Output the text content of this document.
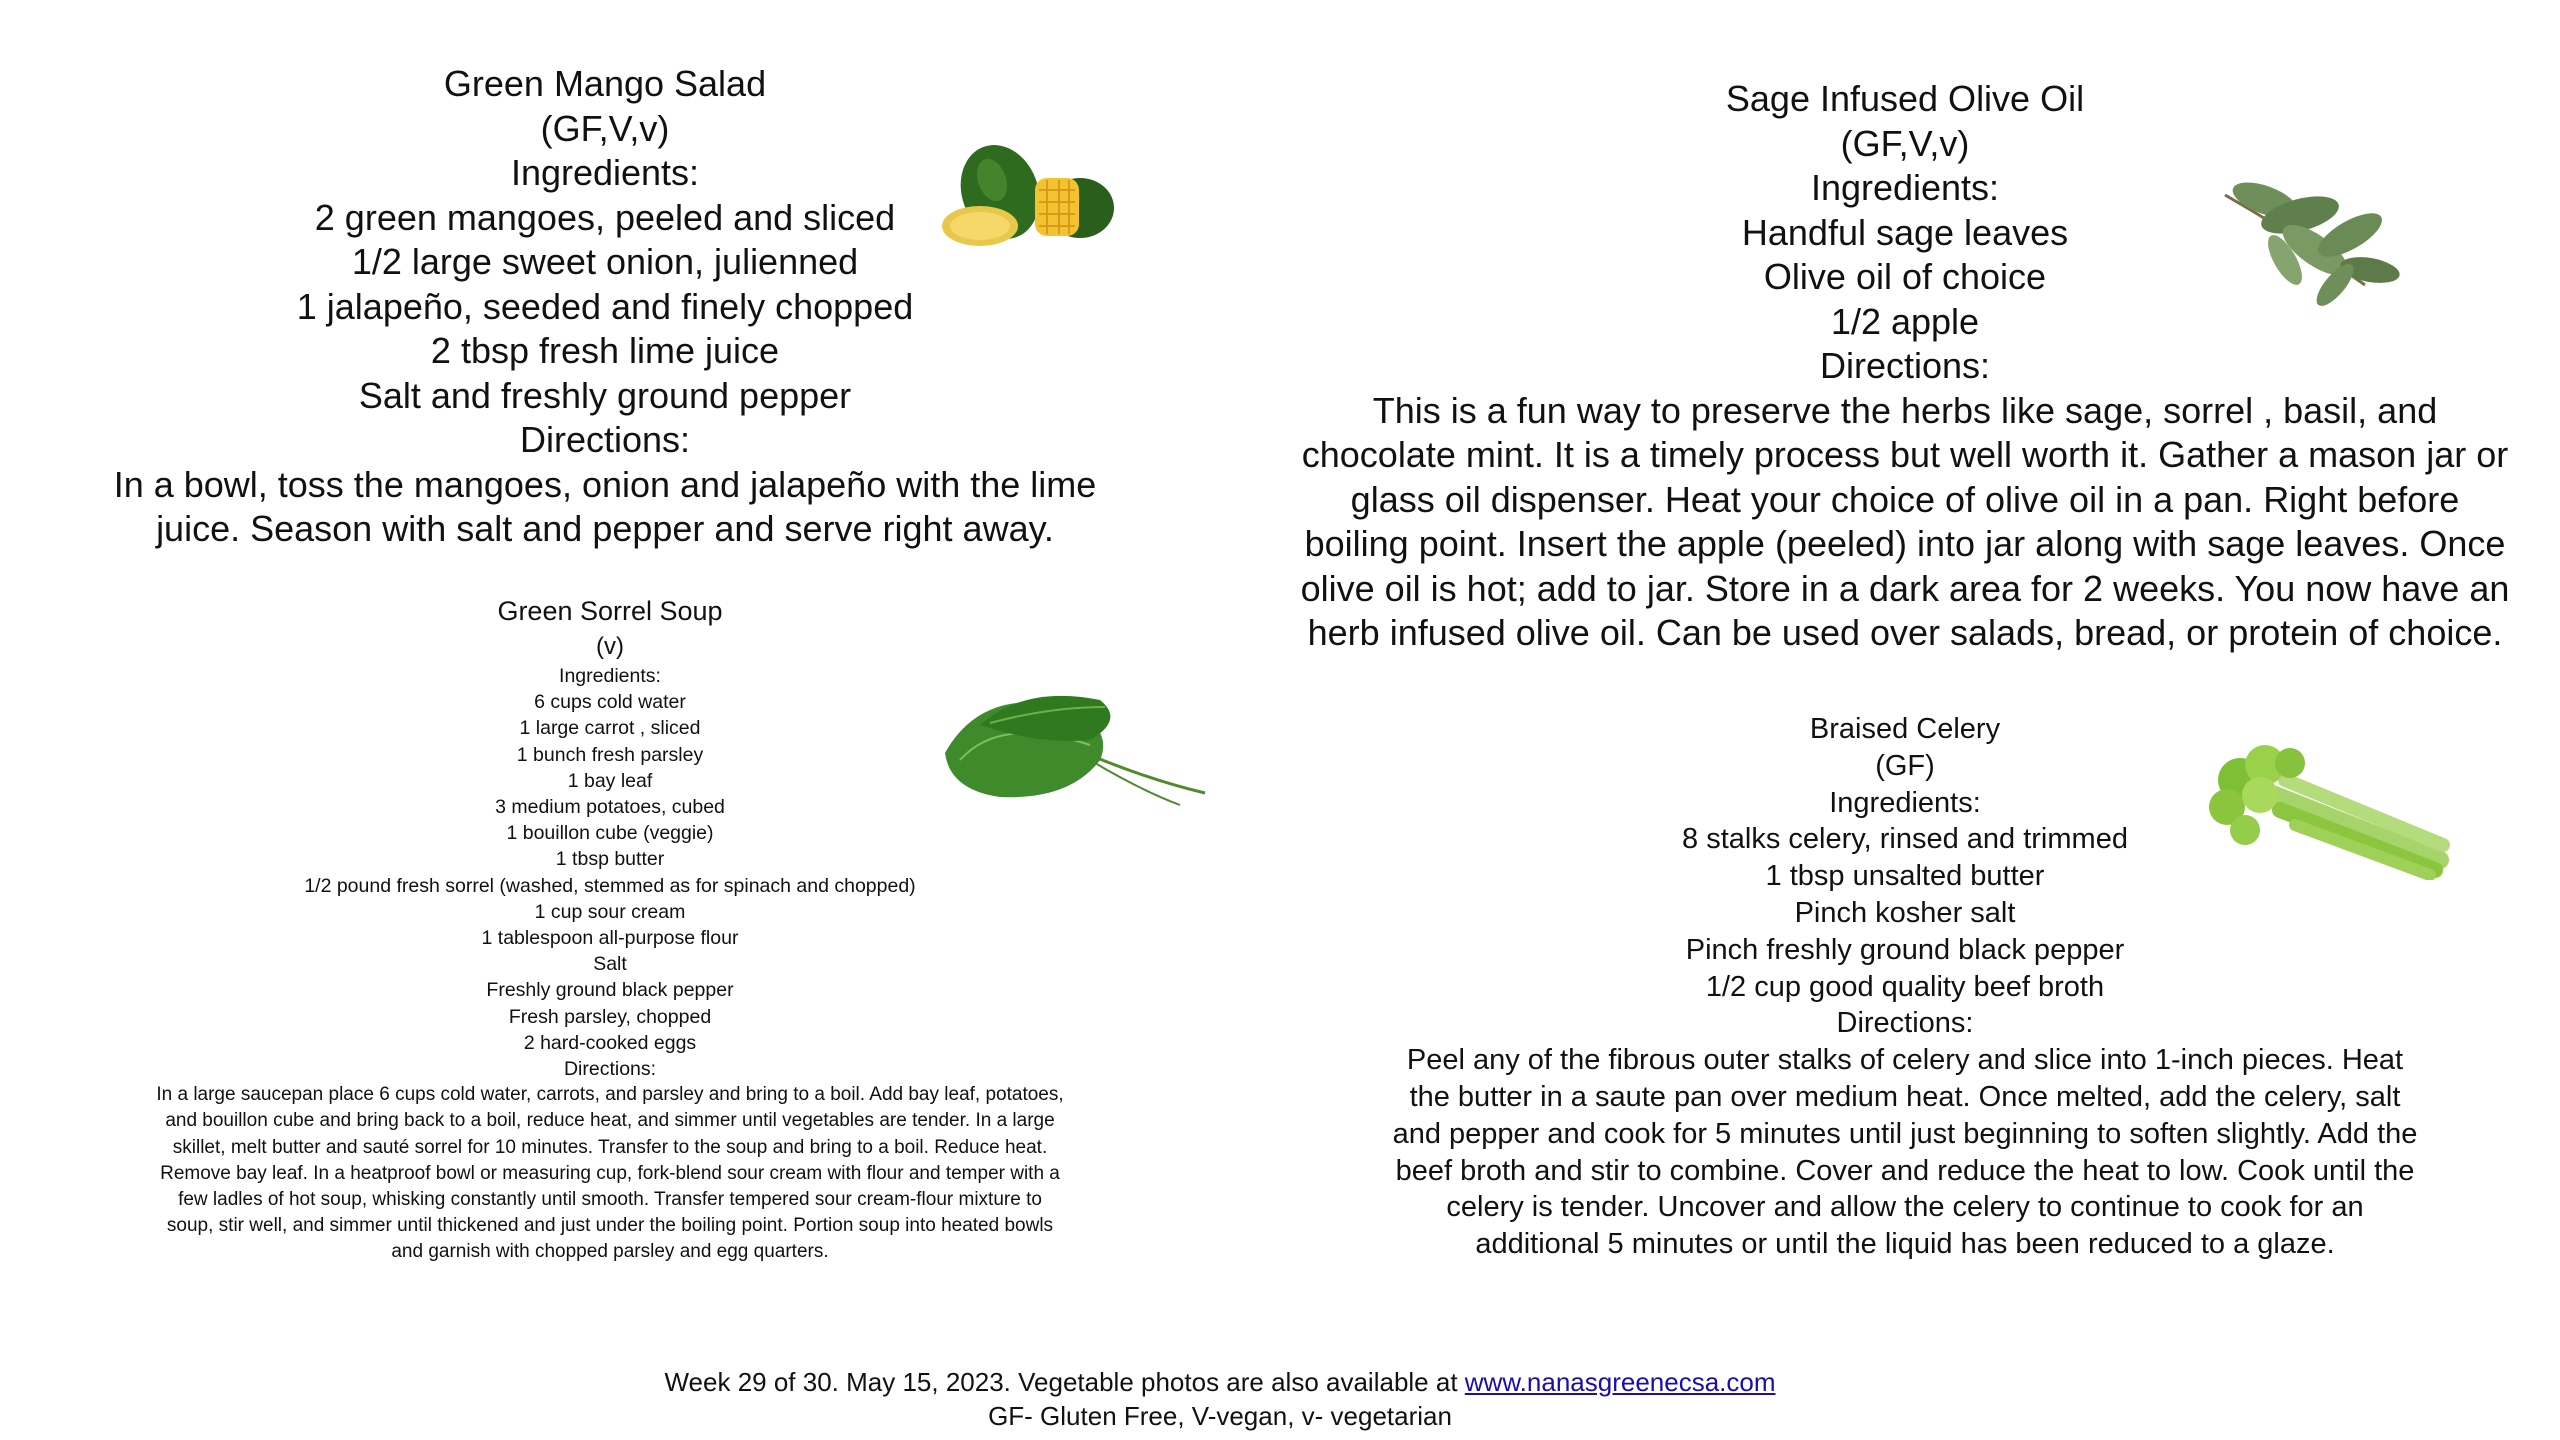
Green Mango Salad
(GF,V,v)
Ingredients:
2 green mangoes, peeled and sliced
1/2 large sweet onion, julienned
1 jalapeño, seeded and finely chopped
2 tbsp fresh lime juice
Salt and freshly ground pepper
Directions:
In a bowl, toss the mangoes, onion and jalapeño with the lime
juice. Season with salt and pepper and serve right away.
Sage Infused Olive Oil
(GF,V,v)
Ingredients:
Handful sage leaves
Olive oil of choice
1/2 apple
Directions:
This is a fun way to preserve the herbs like sage, sorrel , basil, and
chocolate mint. It is a timely process but well worth it. Gather a mason jar or
glass oil dispenser. Heat your choice of olive oil in a pan. Right before
boiling point. Insert the apple (peeled) into jar along with sage leaves. Once
olive oil is hot; add to jar. Store in a dark area for 2 weeks. You now have an
herb infused olive oil. Can be used over salads, bread, or protein of choice.
Green Sorrel Soup
(v)
Ingredients:
6 cups cold water
1 large carrot , sliced
1 bunch fresh parsley
1 bay leaf
3 medium potatoes, cubed
1 bouillon cube (veggie)
1 tbsp butter
1/2 pound fresh sorrel (washed, stemmed as for spinach and chopped)
1 cup sour cream
1 tablespoon all-purpose flour
Salt
Freshly ground black pepper
Fresh parsley, chopped
2 hard-cooked eggs
Directions:
In a large saucepan place 6 cups cold water, carrots, and parsley and bring to a boil. Add bay leaf, potatoes,
and bouillon cube and bring back to a boil, reduce heat, and simmer until vegetables are tender. In a large
skillet, melt butter and sauté sorrel for 10 minutes. Transfer to the soup and bring to a boil. Reduce heat.
Remove bay leaf. In a heatproof bowl or measuring cup, fork-blend sour cream with flour and temper with a
few ladles of hot soup, whisking constantly until smooth. Transfer tempered sour cream-flour mixture to
soup, stir well, and simmer until thickened and just under the boiling point. Portion soup into heated bowls
and garnish with chopped parsley and egg quarters.
Braised Celery
(GF)
Ingredients:
8 stalks celery, rinsed and trimmed
1 tbsp unsalted butter
Pinch kosher salt
Pinch freshly ground black pepper
1/2 cup good quality beef broth
Directions:
Peel any of the fibrous outer stalks of celery and slice into 1-inch pieces. Heat
the butter in a saute pan over medium heat. Once melted, add the celery, salt
and pepper and cook for 5 minutes until just beginning to soften slightly. Add the
beef broth and stir to combine. Cover and reduce the heat to low. Cook until the
celery is tender. Uncover and allow the celery to continue to cook for an
additional 5 minutes or until the liquid has been reduced to a glaze.
Week 29 of 30. May 15, 2023. Vegetable photos are also available at www.nanasgreenecsa.com
GF- Gluten Free, V-vegan, v- vegetarian
